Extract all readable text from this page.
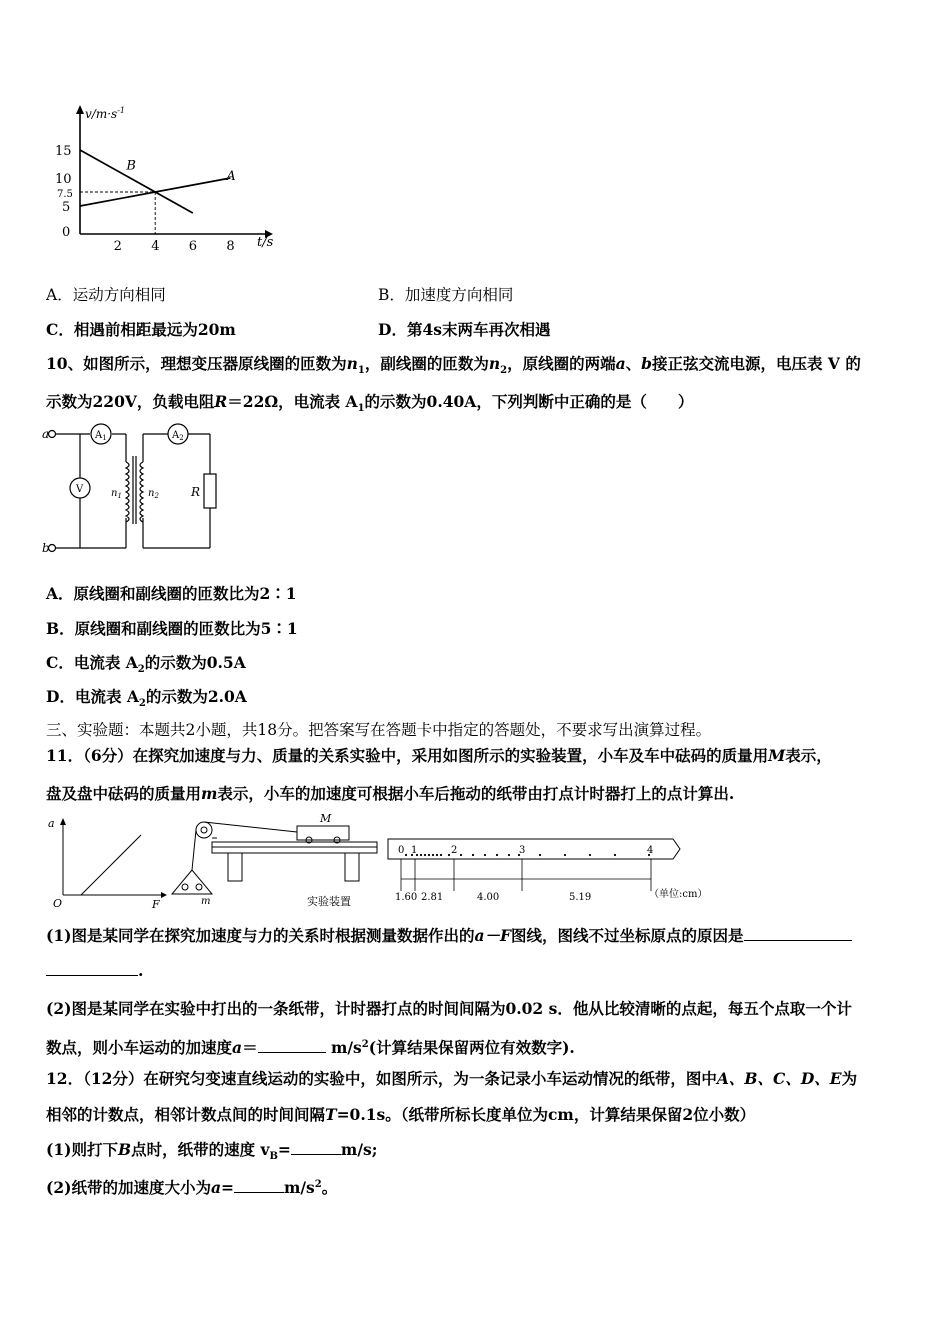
$v/m\cdot s^{-1}$
t/s
2 4 6 8
15
10
7.5
5
0
A
B
A．运动方向相同	B．加速度方向相同
C．相遇前相距最远为20m	D．第4s末两车再次相遇
10、如图所示，理想变压器原线圈的匝数为$n_1$，副线圈的匝数为$n_2$，原线圈的两端a、b接正弦交流电源，电压表 V 的
示数为220V，负载电阻R＝22Ω，电流表 $A_1$的示数为0.40A，下列判断中正确的是（　　）
a
b
V
$A_1$	$A_2$
$n_1$	$n_2$	R
A．原线圈和副线圈的匝数比为2∶1
B．原线圈和副线圈的匝数比为5∶1
C．电流表 $A_2$的示数为0.5A
D．电流表 $A_2$的示数为2.0A
三、实验题：本题共2小题，共18分。把答案写在答题卡中指定的答题处，不要求写出演算过程。
11．（6分）在探究加速度与力、质量的关系实验中，采用如图所示的实验装置，小车及车中砝码的质量用M表示，
盘及盘中砝码的质量用m表示，小车的加速度可根据小车后拖动的纸带由打点计时器打上的点计算出.
a
F
O
M
m	实验装置
0 1	2	3	4
1.60 2.81	4.00	5.19	（单位:cm）
(1)图是某同学在探究加速度与力的关系时根据测量数据作出的a－F图线，图线不过坐标原点的原因是
.
(2)图是某同学在实验中打出的一条纸带，计时器打点的时间间隔为0.02 s．他从比较清晰的点起，每五个点取一个计
数点，则小车运动的加速度a＝	$m/s^2$(计算结果保留两位有效数字).
12．（12分）在研究匀变速直线运动的实验中，如图所示，为一条记录小车运动情况的纸带，图中A、B、C、D、E为
相邻的计数点，相邻计数点间的时间间隔T=0.1s。（纸带所标长度单位为cm，计算结果保留2位小数）
(1)则打下B点时，纸带的速度 $v_B=$	m/s;
(2)纸带的加速度大小为a=	$m/s^2$。
